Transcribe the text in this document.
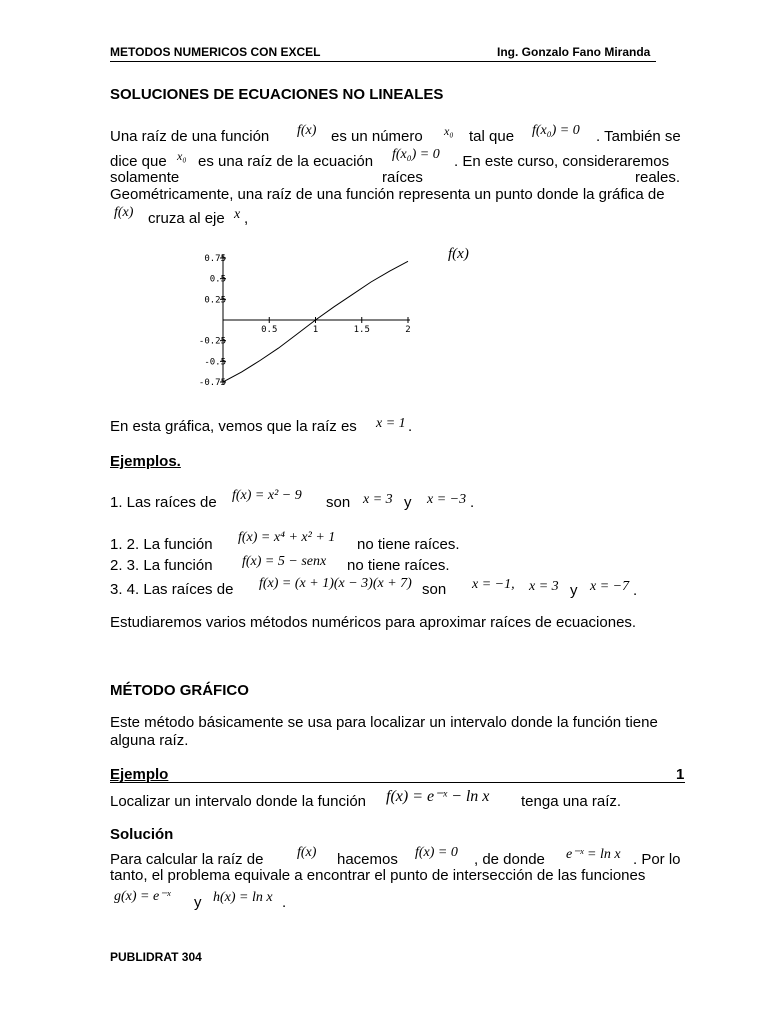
METODOS NUMERICOS CON EXCEL	Ing. Gonzalo Fano Miranda
SOLUCIONES DE ECUACIONES NO LINEALES
Una raíz de una función f(x) es un número x₀ tal que f(x₀) = 0 . También se
dice que x₀ es una raíz de la ecuación f(x₀) = 0 . En este curso, consideraremos
solamente	raíces	reales.
Geométricamente, una raíz de una función representa un punto donde la gráfica de
f(x) cruza al eje x ,
0.5	1	1.5	2
0.75
0.5
0.25
-0.25
-0.5
-0.75
f(x)
En esta gráfica, vemos que la raíz es x = 1 .
Ejemplos.
1. Las raíces de f(x) = x² − 9 son x = 3 y x = −3 .
1. 2. La función f(x) = x⁴ + x² + 1 no tiene raíces.
2. 3. La función f(x) = 5 − senx no tiene raíces.
3. 4. Las raíces de f(x) = (x + 1)(x − 3)(x + 7) son x = −1, x = 3 y x = −7 .
Estudiaremos varios métodos numéricos para aproximar raíces de ecuaciones.
MÉTODO GRÁFICO
Este método básicamente se usa para localizar un intervalo donde la función tiene
alguna raíz.
Ejemplo	1
Localizar un intervalo donde la función f(x) = e⁻ˣ − ln x tenga una raíz.
Solución
Para calcular la raíz de f(x) hacemos f(x) = 0 , de donde e⁻ˣ = ln x . Por lo
tanto, el problema equivale a encontrar el punto de intersección de las funciones
g(x) = e⁻ˣ y h(x) = ln x .
PUBLIDRAT 304
